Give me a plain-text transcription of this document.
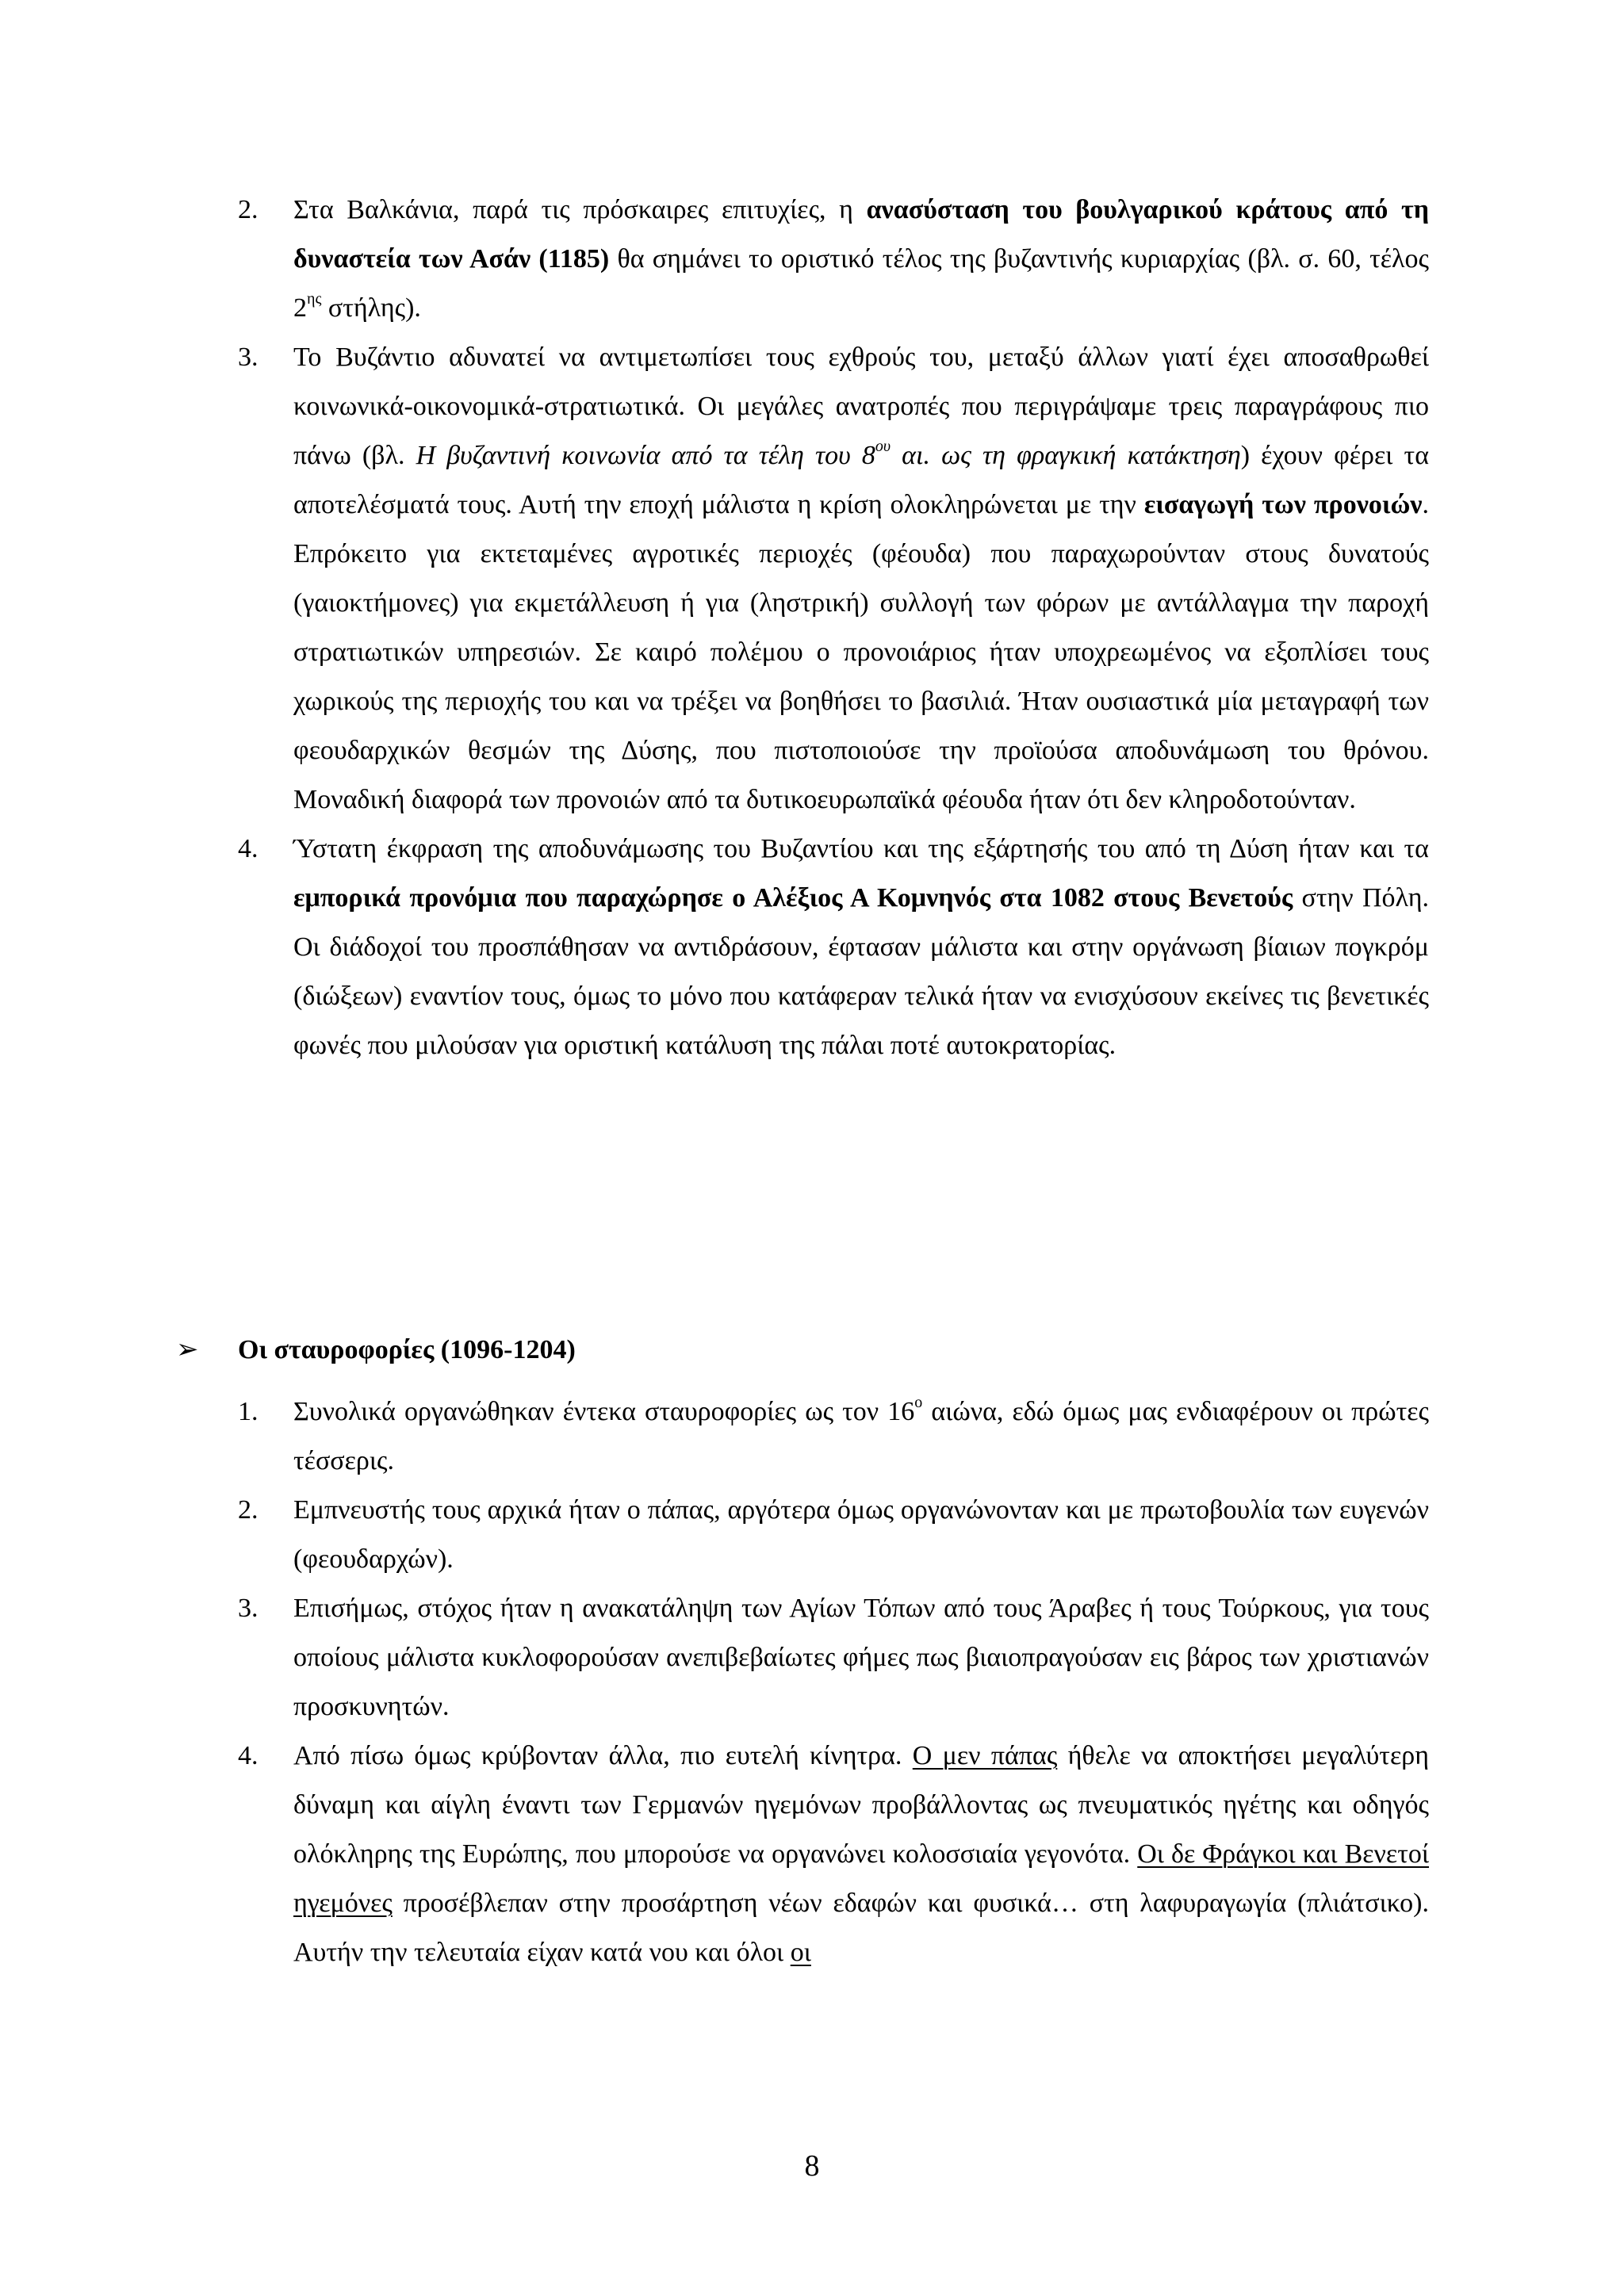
2. Στα Βαλκάνια, παρά τις πρόσκαιρες επιτυχίες, η ανασύσταση του βουλγαρικού κράτους από τη δυναστεία των Ασάν (1185) θα σημάνει το οριστικό τέλος της βυζαντινής κυριαρχίας (βλ. σ. 60, τέλος $2^{\eta\varsigma}$ στήλης).
3. Το Βυζάντιο αδυνατεί να αντιμετωπίσει τους εχθρούς του, μεταξύ άλλων γιατί έχει αποσαθρωθεί κοινωνικά-οικονομικά-στρατιωτικά. Οι μεγάλες ανατροπές που περιγράψαμε τρεις παραγράφους πιο πάνω (βλ. Η βυζαντινή κοινωνία από τα τέλη του $8^{o\upsilon}$ αι. ως τη φραγκική κατάκτηση) έχουν φέρει τα αποτελέσματά τους. Αυτή την εποχή μάλιστα η κρίση ολοκληρώνεται με την εισαγωγή των προνοιών. Επρόκειτο για εκτεταμένες αγροτικές περιοχές (φέουδα) που παραχωρούνταν στους δυνατούς (γαιοκτήμονες) για εκμετάλλευση ή για (ληστρική) συλλογή των φόρων με αντάλλαγμα την παροχή στρατιωτικών υπηρεσιών. Σε καιρό πολέμου ο προνοιάριος ήταν υποχρεωμένος να εξοπλίσει τους χωρικούς της περιοχής του και να τρέξει να βοηθήσει το βασιλιά. Ήταν ουσιαστικά μία μεταγραφή των φεουδαρχικών θεσμών της Δύσης, που πιστοποιούσε την προϊούσα αποδυνάμωση του θρόνου. Μοναδική διαφορά των προνοιών από τα δυτικοευρωπαϊκά φέουδα ήταν ότι δεν κληροδοτούνταν.
4. Ύστατη έκφραση της αποδυνάμωσης του Βυζαντίου και της εξάρτησής του από τη Δύση ήταν και τα εμπορικά προνόμια που παραχώρησε ο Αλέξιος Α Κομνηνός στα 1082 στους Βενετούς στην Πόλη. Οι διάδοχοί του προσπάθησαν να αντιδράσουν, έφτασαν μάλιστα και στην οργάνωση βίαιων πογκρόμ (διώξεων) εναντίον τους, όμως το μόνο που κατάφεραν τελικά ήταν να ενισχύσουν εκείνες τις βενετικές φωνές που μιλούσαν για οριστική κατάλυση της πάλαι ποτέ αυτοκρατορίας.
➢ Οι σταυροφορίες (1096-1204)
1. Συνολικά οργανώθηκαν έντεκα σταυροφορίες ως τον $16^o$ αιώνα, εδώ όμως μας ενδιαφέρουν οι πρώτες τέσσερις.
2. Εμπνευστής τους αρχικά ήταν ο πάπας, αργότερα όμως οργανώνονταν και με πρωτοβουλία των ευγενών (φεουδαρχών).
3. Επισήμως, στόχος ήταν η ανακατάληψη των Αγίων Τόπων από τους Άραβες ή τους Τούρκους, για τους οποίους μάλιστα κυκλοφορούσαν ανεπιβεβαίωτες φήμες πως βιαιοπραγούσαν εις βάρος των χριστιανών προσκυνητών.
4. Από πίσω όμως κρύβονταν άλλα, πιο ευτελή κίνητρα. Ο μεν πάπας ήθελε να αποκτήσει μεγαλύτερη δύναμη και αίγλη έναντι των Γερμανών ηγεμόνων προβάλλοντας ως πνευματικός ηγέτης και οδηγός ολόκληρης της Ευρώπης, που μπορούσε να οργανώνει κολοσσιαία γεγονότα. Οι δε Φράγκοι και Βενετοί ηγεμόνες προσέβλεπαν στην προσάρτηση νέων εδαφών και φυσικά… στη λαφυραγωγία (πλιάτσικο). Αυτήν την τελευταία είχαν κατά νου και όλοι οι
8
